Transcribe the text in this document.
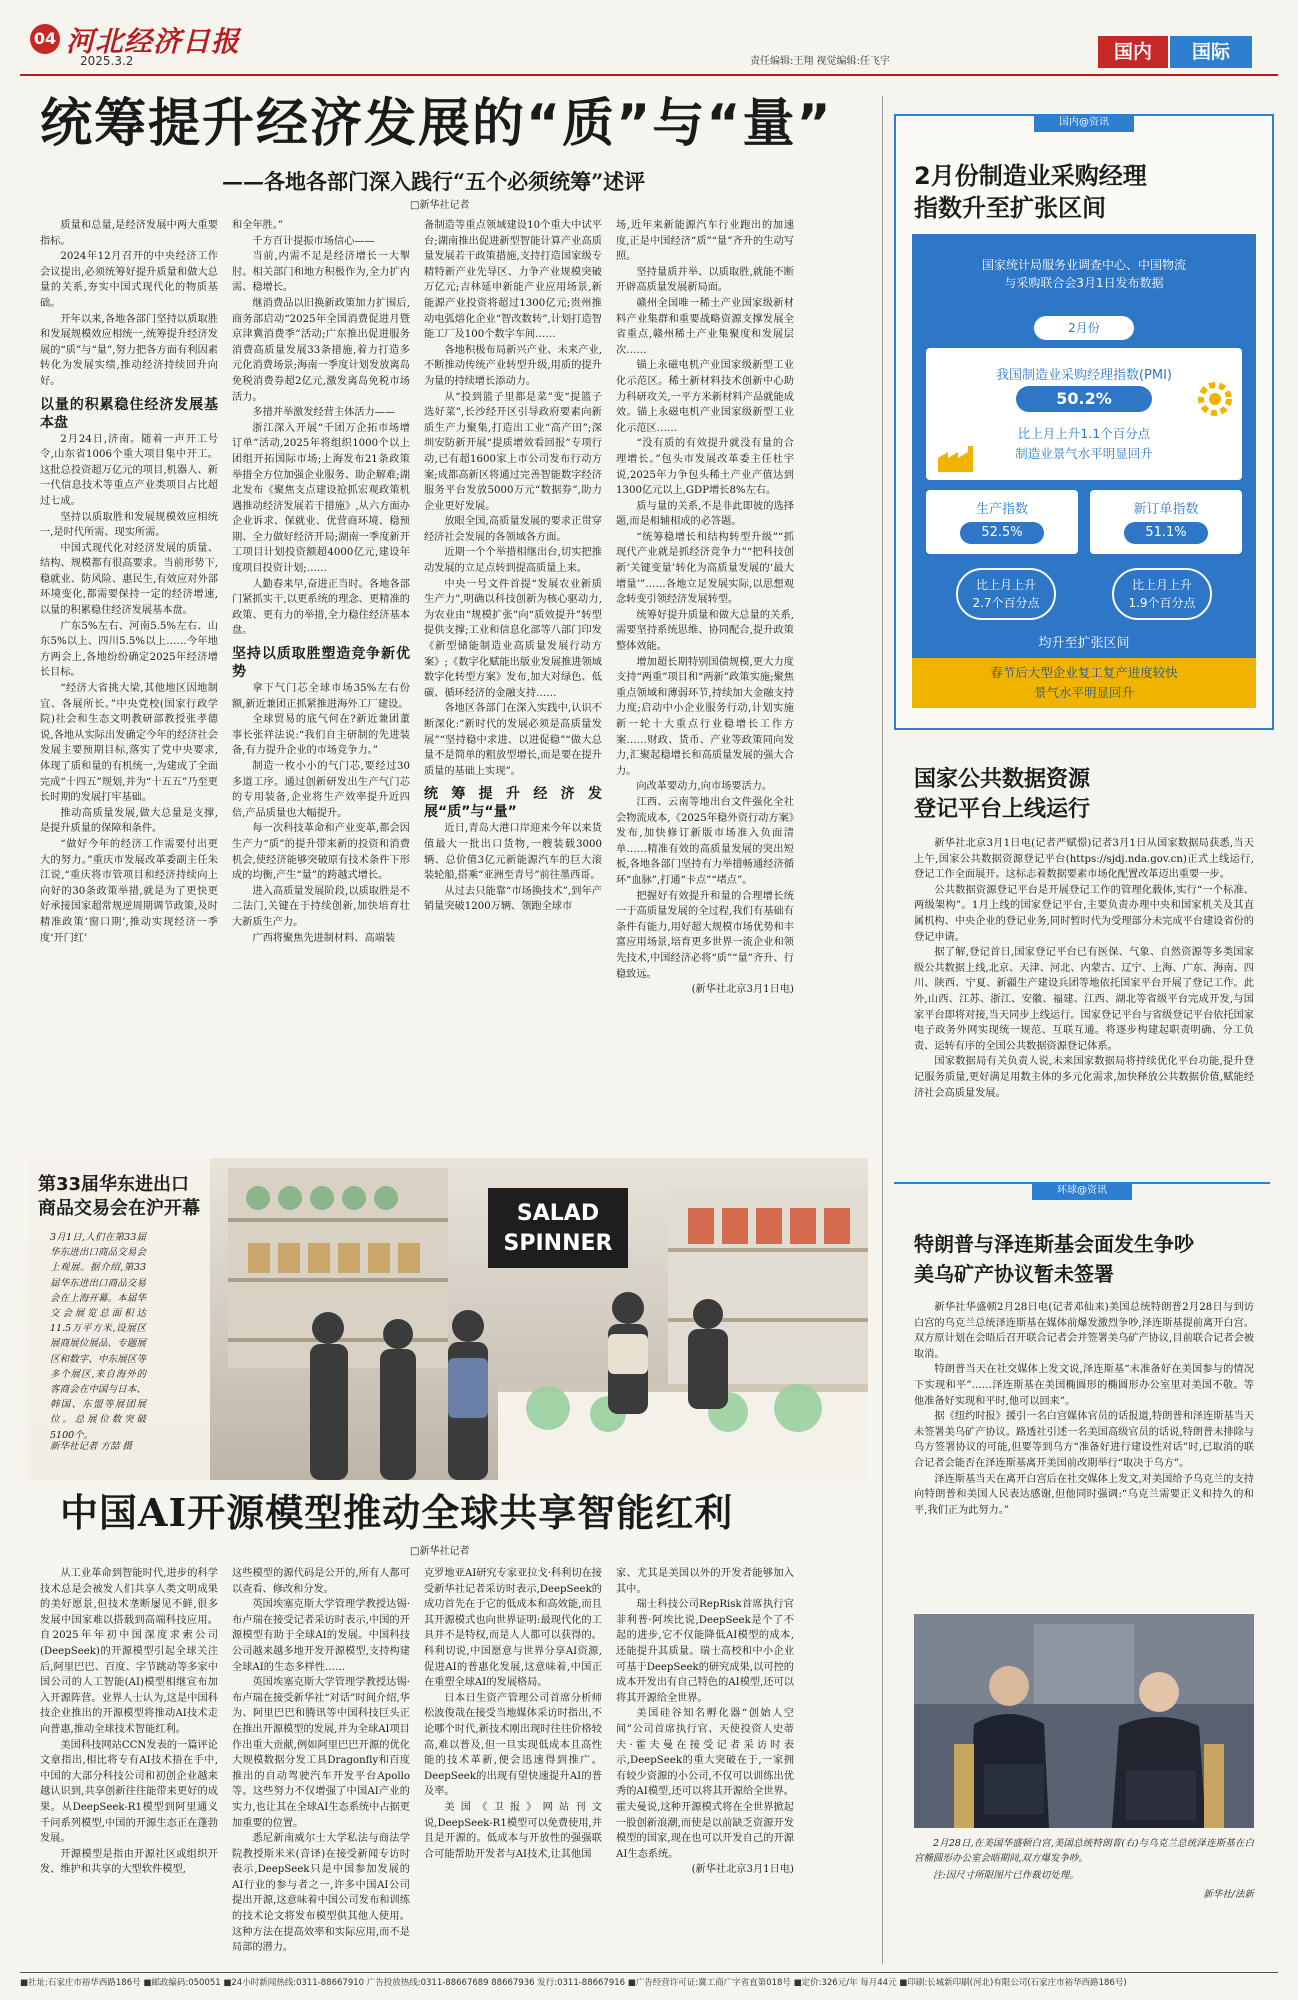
04 河北经济日报
2025.3.2	责任编辑:王翔 视觉编辑:任飞宇	国内	国际
统筹提升经济发展的“质”与“量”
——各地各部门深入践行“五个必须统筹”述评
□新华社记者

质量和总量,是经济发展中两大重要指标。

2024年12月召开的中央经济工作会议提出,必须统筹好提升质量和做大总量的关系,夯实中国式现代化的物质基础。

开年以来,各地各部门坚持以质取胜和发展规模效应相统一,统筹提升经济发展的“质”与“量”,努力把各方面有利因素转化为发展实绩,推动经济持续回升向好。

以量的积累稳住经济发展基本盘

2月24日,济南。随着一声开工号令,山东省1006个重大项目集中开工。这批总投资超万亿元的项目,机器人、新一代信息技术等重点产业类项目占比超过七成。

坚持以质取胜和发展规模效应相统一,是时代所需、现实所需。

中国式现代化对经济发展的质量、结构、规模都有很高要求。当前形势下,稳就业、防风险、惠民生,有效应对外部环境变化,都需要保持一定的经济增速,以量的积累稳住经济发展基本盘。

广东5%左右、河南5.5%左右、山东5%以上、四川5.5%以上……今年地方两会上,各地纷纷确定2025年经济增长目标。

“经济大省挑大梁,其他地区因地制宜、各展所长。”中央党校(国家行政学院)社会和生态文明教研部教授张孝德说,各地从实际出发确定今年的经济社会发展主要预期目标,落实了党中央要求,体现了质和量的有机统一,为建成了全面完成“十四五”规划,并为“十五五”乃至更长时期的发展打牢基础。

推动高质量发展,做大总量是支撑,是提升质量的保障和条件。

“做好今年的经济工作需要付出更大的努力。”重庆市发展改革委副主任朱江说,“重庆将市管项目和经济持续向上向好的30条政策举措,就是为了更快更好承接国家超常规逆周期调节政策,及时精准政策‘窗口期’,推动实现经济一季度‘开门红’

和全年胜。”

千方百计提振市场信心——

当前,内需不足是经济增长一大掣肘。相关部门和地方积极作为,全力扩内需、稳增长。

继消费品以旧换新政策加力扩围后,商务部启动“2025年全国消费促进月暨京津冀消费季”活动;广东推出促进服务消费高质量发展33条措施,着力打造多元化消费场景;海南一季度计划发放离岛免税消费券超2亿元,激发离岛免税市场活力。

多措并举激发经营主体活力——

浙江深入开展“千团万企拓市场增订单”活动,2025年将组织1000个以上团组开拓国际市场;上海发布21条政策举措全方位加强企业服务、助企解难;湖北发布《聚焦支点建设抢抓宏观政策机遇推动经济发展若干措施》,从六方面办企业诉求、保就业、优营商环境、稳预期、全力做好经济开局;湖南一季度新开工项目计划投资额超4000亿元,建设年度项目投资计划;……

人勤春来早,奋进正当时。各地各部门紧抓实干,以更系统的理念、更精准的政策、更有力的举措,全力稳住经济基本盘。

坚持以质取胜塑造竞争新优势

拿下气门芯全球市场35%左右份额,新近兼团正抓紧推进海外工厂建设。

全球贸易的底气何在?新近兼团董事长张祥法说:“我们自主研制的先进装备,有力提升企业的市场竞争力。”

制造一枚小小的气门芯,要经过30多道工序。通过创新研发出生产气门芯的专用装备,企业将生产效率提升近四倍,产品质量也大幅提升。

每一次科技革命和产业变革,都会因生产力“质”的提升带来新的投资和消费机会,使经济能够突破原有技术条件下形成的均衡,产生“量”的跨越式增长。

进入高质量发展阶段,以质取胜是不二法门,关键在于持续创新,加快培育壮大新质生产力。

广西将聚焦先进制材料、高端装

备制造等重点领域建设10个重大中试平台;湖南推出促进新型智能计算产业高质量发展若干政策措施,支持打造国家级专精特新产业先导区、力争产业规模突破万亿元;吉林延申新能产业应用场景,新能源产业投资将超过1300亿元;贵州推动电弧熔化企业“智改数转”,计划打造智能工厂及100个数字车间……

各地积极布局新兴产业、未来产业,不断推动传统产业转型升级,用质的提升为量的持续增长添动力。

从“投到篮子里都是菜”变“提篮子选好菜”,长沙经开区引导政府要素向新质生产力聚集,打造出工业“高产田”;深圳安防新开展“提质增效看回报”专项行动,已有超1600家上市公司发布行动方案;成都高新区将通过完善智能数字经济服务平台发放5000万元“数据券”,助力企业更好发展。

放眼全国,高质量发展的要求正贯穿经济社会发展的各领域各方面。

近期一个个举措相继出台,切实把推动发展的立足点转到提高质量上来。

中央一号文件首提“发展农业新质生产力”,明确以科技创新为核心驱动力,为农业由“规模扩张”向“质效提升”转型提供支撑;工业和信息化部等八部门印发《新型储能制造业高质量发展行动方案》;《数字化赋能出版业发展推进领域数字化转型方案》发布,加大对绿色、低碳、循环经济的金融支持……

各地区各部门在深入实践中,认识不断深化:“新时代的发展必须是高质量发展”“坚持稳中求进、以进促稳”“做大总量不是简单的粗放型增长,而是要在提升质量的基础上实现”。

统筹提升经济发展“质”与“量”

近日,青岛大港口岸迎来今年以来货值最大一批出口货物,一艘装载3000辆、总价值3亿元新能源汽车的巨大滚装轮船,搭乘“亚洲至青号”前往墨西哥。

从过去只能靠“市场换技术”,到年产销量突破1200万辆、领跑全球市

场,近年来新能源汽车行业跑出的加速度,正是中国经济“质”“量”齐升的生动写照。

坚持量质并举、以质取胜,就能不断开辟高质量发展新局面。

赣州全国唯一稀土产业国家级新材料产业集群和重要战略资源支撑发展全省重点,赣州稀土产业集聚度和发展层次……

锚上永磁电机产业国家级新型工业化示范区。稀土新材料技术创新中心助力科研攻关,一平方米新材料产品就能成效。锚上永磁电机产业国家级新型工业化示范区……

“没有质的有效提升就没有量的合理增长。”包头市发展改革委主任杜宇说,2025年力争包头稀土产业产值达到1300亿元以上,GDP增长8%左右。

质与量的关系,不是非此即彼的选择题,而是相辅相成的必答题。

“统筹稳增长和结构转型升级”“抓现代产业就是抓经济竞争力”“把科技创新‘关键变量’转化为高质量发展的‘最大增量’”……各地立足发展实际,以思想观念转变引领经济发展转型。

统筹好提升质量和做大总量的关系,需要坚持系统思维、协同配合,提升政策整体效能。

增加超长期特别国债规模,更大力度支持“两重”项目和“两新”政策实施;聚焦重点领域和薄弱环节,持续加大金融支持力度;启动中小企业服务行动,计划实施新一轮十大重点行业稳增长工作方案……财政、货币、产业等政策同向发力,汇聚起稳增长和高质量发展的强大合力。

向改革要动力,向市场要活力。

江西、云南等地出台文件强化全社会物流成本,《2025年稳外资行动方案》发布,加快修订新版市场准入负面清单……精准有效的高质量发展的突出短板,各地各部门坚持有力举措畅通经济循环“血脉”,打通“卡点”“堵点”。

把握好有效提升和量的合理增长统一于高质量发展的全过程,我们有基础有条件有能力,用好超大规模市场优势和丰富应用场景,培育更多世界一流企业和领先技术,中国经济必将“质”“量”齐升、行稳致远。

(新华社北京3月1日电)

SALAD
SPINNER
第33届华东进出口
商品交易会在沪开幕
3月1日,人们在第33届华东进出口商品交易会上观展。据介绍,第33届华东进出口商品交易会在上海开幕。本届华交会展览总面积达11.5万平方米,设展区展商展位展品、专题展区和数字、中东展区等多个展区,来自海外的客商会在中国与日本、韩国、东盟等展团展位。总展位数突破5100个。
新华社记者 方喆 摄
中国AI开源模型推动全球共享智能红利
□新华社记者

从工业革命到智能时代,进步的科学技术总是会被发人们共享人类文明成果的美好愿景,但技术垄断屡见不鲜,很多发展中国家难以搭载到高端科技应用。自2025年年初中国深度求索公司(DeepSeek)的开源模型引起全球关注后,阿里巴巴、百度、字节跳动等多家中国公司的人工智能(AI)模型相继宣布加入开源阵营。业界人士认为,这是中国科技企业推出的开源模型将推动AI技术走向普惠,推动全球技术智能红利。

美国科技网站CCN发表的一篇评论文章指出,相比将专有AI技术捂在手中,中国的大部分科技公司和初创企业越来越认识到,共享创新往往能带来更好的成果。从DeepSeek-R1模型到阿里通义千问系列模型,中国的开源生态正在蓬勃发展。

开源模型是指由开源社区或组织开发、维护和共享的大型软件模型,

这些模型的源代码是公开的,所有人都可以查看、修改和分发。

英国埃塞克斯大学管理学教授达锡·布卢瑞在接受记者采访时表示,中国的开源模型有助于全球AI的发展。中国科技公司越来越多地开发开源模型,支持构建全球AI的生态多样性……

英国埃塞克斯大学管理学教授达锡·布卢瑞在接受新华社“对话”时间介绍,华为、阿里巴巴和腾讯等中国科技巨头正在推出开源模型的发展,并为全球AI项目作出重大贡献,例如阿里巴巴开源的优化大规模数据分发工具Dragonfly和百度推出的自动驾驶汽车开发平台Apollo等。这些努力不仅增强了中国AI产业的实力,也让其在全球AI生态系统中占据更加重要的位置。

悉尼新南威尔士大学私法与商法学院教授斯米米(音译)在接受新闻专访时表示,DeepSeek只是中国参加发展的AI行业的参与者之一,许多中国AI公司提出开源,这意味着中国公司发布和训练的技术论文将发布模型供其他人使用。这种方法在提高效率和实际应用,而不是局部的潜力。

克罗地亚AI研究专家亚拉戈·科利切在接受新华社记者采访时表示,DeepSeek的成功首先在于它的低成本和高效能,而且其开源模式也向世界证明:最现代化的工具并不是特权,而是人人都可以获得的。科利切说,中国愿意与世界分享AI资源,促进AI的普惠化发展,这意味着,中国正在重塑全球AI的发展格局。

日本日生资产管理公司首席分析师松波俊哉在接受当地媒体采访时指出,不论哪个时代,新技术刚出现时往往价格较高,难以普及,但一旦实现低成本且高性能的技术革新,便会迅速得到推广。DeepSeek的出现有望快速提升AI的普及率。

美国《卫报》网站刊文说,DeepSeek-R1模型可以免费使用,并且是开源的。低成本与开放性的强强联合可能帮助开发者与AI技术,让其他国

家、尤其是美国以外的开发者能够加入其中。

瑞士科技公司RepRisk首席执行官菲利普·阿埃比说,DeepSeek是个了不起的进步,它不仅能降低AI模型的成本,还能提升其质量。瑞士高校和中小企业可基于DeepSeek的研究成果,以可控的成本开发出有自己特色的AI模型,还可以将其开源给全世界。

美国硅谷知名孵化器“创始人空间”公司首席执行官、天使投资人史蒂夫·霍夫曼在接受记者采访时表示,DeepSeek的重大突破在于,一家拥有较少资源的小公司,不仅可以训练出优秀的AI模型,还可以将其开源给全世界。霍夫曼说,这种开源模式将在全世界掀起一股创新浪潮,而使是以前缺乏资源开发模型的国家,现在也可以开发自己的开源AI生态系统。

(新华社北京3月1日电)

国内@资讯
2月份制造业采购经理
指数升至扩张区间
国家统计局服务业调查中心、中国物流
与采购联合会3月1日发布数据
2月份
我国制造业采购经理指数(PMI)
50.2%
比上月上升1.1个百分点
制造业景气水平明显回升
生产指数
52.5%
新订单指数
51.1%
比上月上升
2.7个百分点
比上月上升
1.9个百分点
均升至扩张区间
春节后大型企业复工复产进度较快
景气水平明显回升
国家公共数据资源
登记平台上线运行

新华社北京3月1日电(记者严赋憬)记者3月1日从国家数据局获悉,当天上午,国家公共数据资源登记平台(https://sjdj.nda.gov.cn)正式上线运行,登记工作全面展开。这标志着数据要素市场化配置改革迈出重要一步。

公共数据资源登记平台是开展登记工作的管理化载体,实行“一个标准、两级架构”。1月上线的国家登记平台,主要负责办理中央和国家机关及其直属机构、中央企业的登记业务,同时暂时代为受理部分未完成平台建设省份的登记申请。

据了解,登记首日,国家登记平台已有医保、气象、自然资源等多类国家级公共数据上线,北京、天津、河北、内蒙古、辽宁、上海、广东、海南、四川、陕西、宁夏、新疆生产建设兵团等地依托国家平台开展了登记工作。此外,山西、江苏、浙江、安徽、福建、江西、湖北等省级平台完成开发,与国家平台即将对接,当天同步上线运行。国家登记平台与省级登记平台依托国家电子政务外网实现统一规范、互联互通。将逐步构建起职责明确、分工负责、运转有序的全国公共数据资源登记体系。

国家数据局有关负责人说,未来国家数据局将持续优化平台功能,提升登记服务质量,更好满足用数主体的多元化需求,加快释放公共数据价值,赋能经济社会高质量发展。

环球@资讯
特朗普与泽连斯基会面发生争吵
美乌矿产协议暂未签署

新华社华盛顿2月28日电(记者邓仙来)美国总统特朗普2月28日与到访白宫的乌克兰总统泽连斯基在媒体前爆发激烈争吵,泽连斯基提前离开白宫。双方原计划在会晤后召开联合记者会并签署美乌矿产协议,目前联合记者会被取消。

特朗普当天在社交媒体上发文说,泽连斯基“未准备好在美国参与的情况下实现和平”……泽连斯基在美国椭圆形的椭圆形办公室里对美国不敬。等他准备好实现和平时,他可以回来”。

据《纽约时报》援引一名白宫媒体官员的话报道,特朗普和泽连斯基当天未签署美乌矿产协议。路透社引述一名美国高级官员的话说,特朗普未排除与乌方签署协议的可能,但要等到乌方“准备好进行建设性对话”时,已取消的联合记者会能否在泽连斯基离开美国前改期举行“取决于乌方”。

泽连斯基当天在离开白宫后在社交媒体上发文,对美国给予乌克兰的支持向特朗普和美国人民表达感谢,但他同时强调:“乌克兰需要正义和持久的和平,我们正为此努力。”

2月28日,在美国华盛顿白宫,美国总统特朗普(右)与乌克兰总统泽连斯基在白宫椭圆形办公室会晤期间,双方爆发争吵。
注:因尺寸所限图片已作裁切处理。
新华社/法新
■社址:石家庄市裕华西路186号 ■邮政编码:050051 ■24小时新闻热线:0311-88667910 广告投放热线:0311-88667689 88667936 发行:0311-88667916 ■广告经营许可证:冀工商广字省直第018号 ■定价:326元/年 每月44元 ■印刷:长城新印刷(河北)有限公司(石家庄市裕华西路186号)
